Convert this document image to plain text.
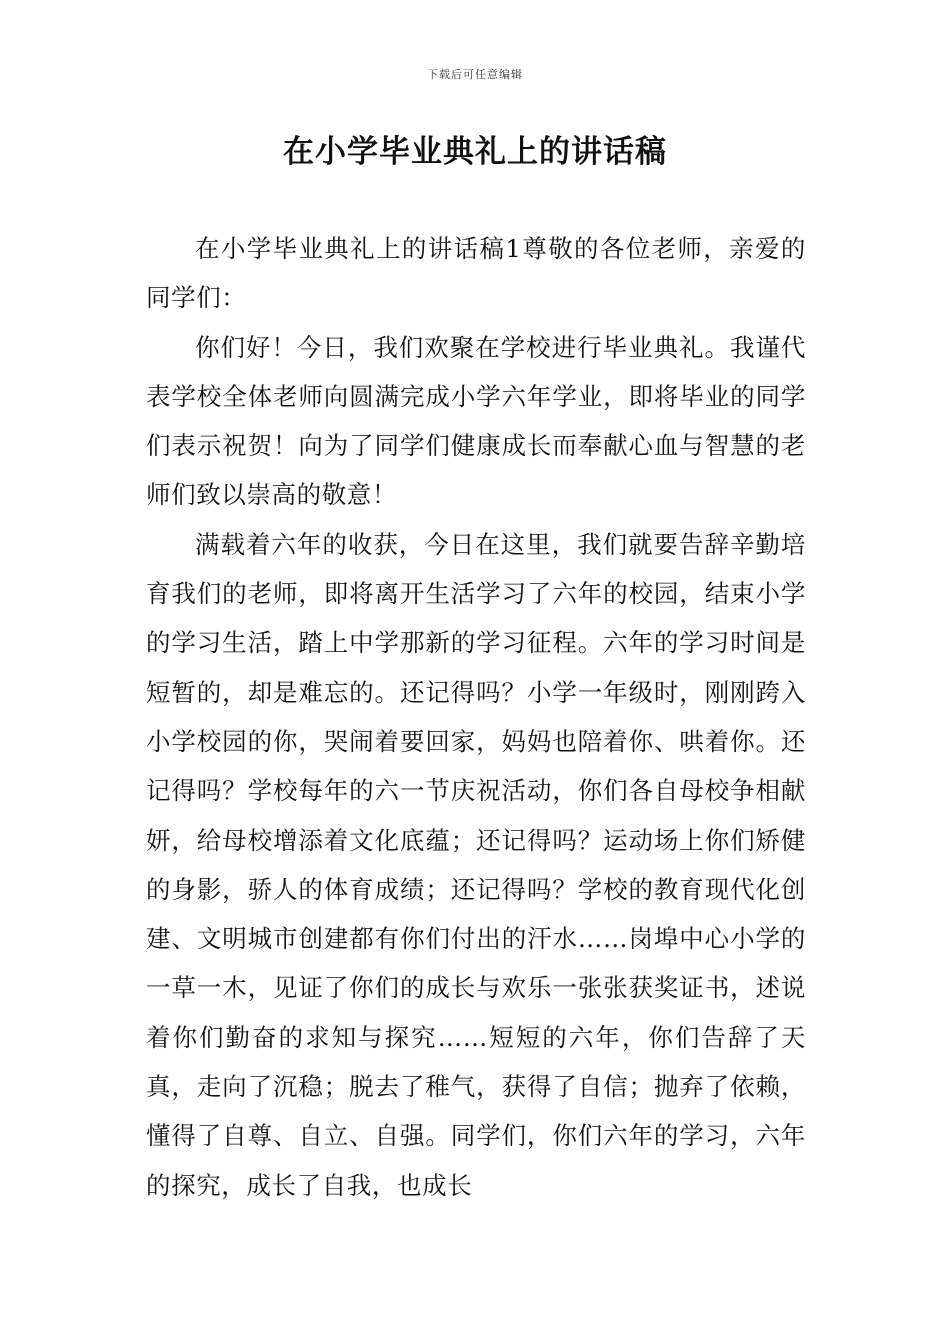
下载后可任意编辑
在小学毕业典礼上的讲话稿

在小学毕业典礼上的讲话稿1尊敬的各位老师，亲爱的同学们：

你们好！今日，我们欢聚在学校进行毕业典礼。我谨代表学校全体老师向圆满完成小学六年学业，即将毕业的同学们表示祝贺！向为了同学们健康成长而奉献心血与智慧的老师们致以崇高的敬意！

满载着六年的收获，今日在这里，我们就要告辞辛勤培育我们的老师，即将离开生活学习了六年的校园，结束小学的学习生活，踏上中学那新的学习征程。六年的学习时间是短暂的，却是难忘的。还记得吗？小学一年级时，刚刚跨入小学校园的你，哭闹着要回家，妈妈也陪着你、哄着你。还记得吗？学校每年的六一节庆祝活动，你们各自母校争相献妍，给母校增添着文化底蕴；还记得吗？运动场上你们矫健的身影，骄人的体育成绩；还记得吗？学校的教育现代化创建、文明城市创建都有你们付出的汗水……岗埠中心小学的一草一木，见证了你们的成长与欢乐一张张获奖证书，述说着你们勤奋的求知与探究……短短的六年，你们告辞了天真，走向了沉稳；脱去了稚气，获得了自信；抛弃了依赖，懂得了自尊、自立、自强。同学们，你们六年的学习，六年的探究，成长了自我，也成长
